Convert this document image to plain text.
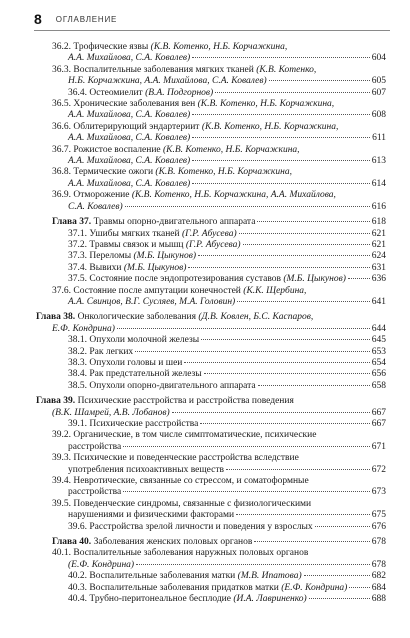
8 ОГЛАВЛЕНИЕ
36.2. Трофические язвы (К.В. Котенко, Н.Б. Корчажкина,
А.А. Михайлова, С.А. Ковалев)	604
36.3. Воспалительные заболевания мягких тканей (К.В. Котенко,
Н.Б. Корчажкина, А.А. Михайлова, С.А. Ковалев)	605
36.4. Остеомиелит (В.А. Подгорнов)	607
36.5. Хронические заболевания вен (К.В. Котенко, Н.Б. Корчажкина,
А.А. Михайлова, С.А. Ковалев)	608
36.6. Облитерирующий эндартериит (К.В. Котенко, Н.Б. Корчажкина,
А.А. Михайлова, С.А. Ковалев)	611
36.7. Рожистое воспаление (К.В. Котенко, Н.Б. Корчажкина,
А.А. Михайлова, С.А. Ковалев)	613
36.8. Термические ожоги (К.В. Котенко, Н.Б. Корчажкина,
А.А. Михайлова, С.А. Ковалев)	614
36.9. Отморожение (К.В. Котенко, Н.Б. Корчажкина, А.А. Михайлова,
С.А. Ковалев)	616
Глава 37. Травмы опорно-двигательного аппарата	618
37.1. Ушибы мягких тканей (Г.Р. Абусева)	621
37.2. Травмы связок и мышц (Г.Р. Абусева)	621
37.3. Переломы (М.Б. Цыкунов)	624
37.4. Вывихи (М.Б. Цыкунов)	631
37.5. Состояние после эндопротезирования суставов (М.Б. Цыкунов)	636
37.6. Состояние после ампутации конечностей (К.К. Щербина,
А.А. Свинцов, В.Г. Сусляев, М.А. Головин)	641
Глава 38. Онкологические заболевания (Д.В. Ковлен, Б.С. Каспаров,
Е.Ф. Кондрина)	644
38.1. Опухоли молочной железы	645
38.2. Рак легких	653
38.3. Опухоли головы и шеи	654
38.4. Рак предстательной железы	656
38.5. Опухоли опорно-двигательного аппарата	658
Глава 39. Психические расстройства и расстройства поведения
(В.К. Шамрей, А.В. Лобанов)	667
39.1. Психические расстройства	667
39.2. Органические, в том числе симптоматические, психические
расстройства	671
39.3. Психические и поведенческие расстройства вследствие
употребления психоактивных веществ	672
39.4. Невротические, связанные со стрессом, и соматоформные
расстройства	673
39.5. Поведенческие синдромы, связанные с физиологическими
нарушениями и физическими факторами	675
39.6. Расстройства зрелой личности и поведения у взрослых	676
Глава 40. Заболевания женских половых органов	678
40.1. Воспалительные заболевания наружных половых органов
(Е.Ф. Кондрина)	678
40.2. Воспалительные заболевания матки (М.В. Ипатова)	682
40.3. Воспалительные заболевания придатков матки (Е.Ф. Кондрина)	684
40.4. Трубно-перитонеальное бесплодие (И.А. Лавриненко)	688
